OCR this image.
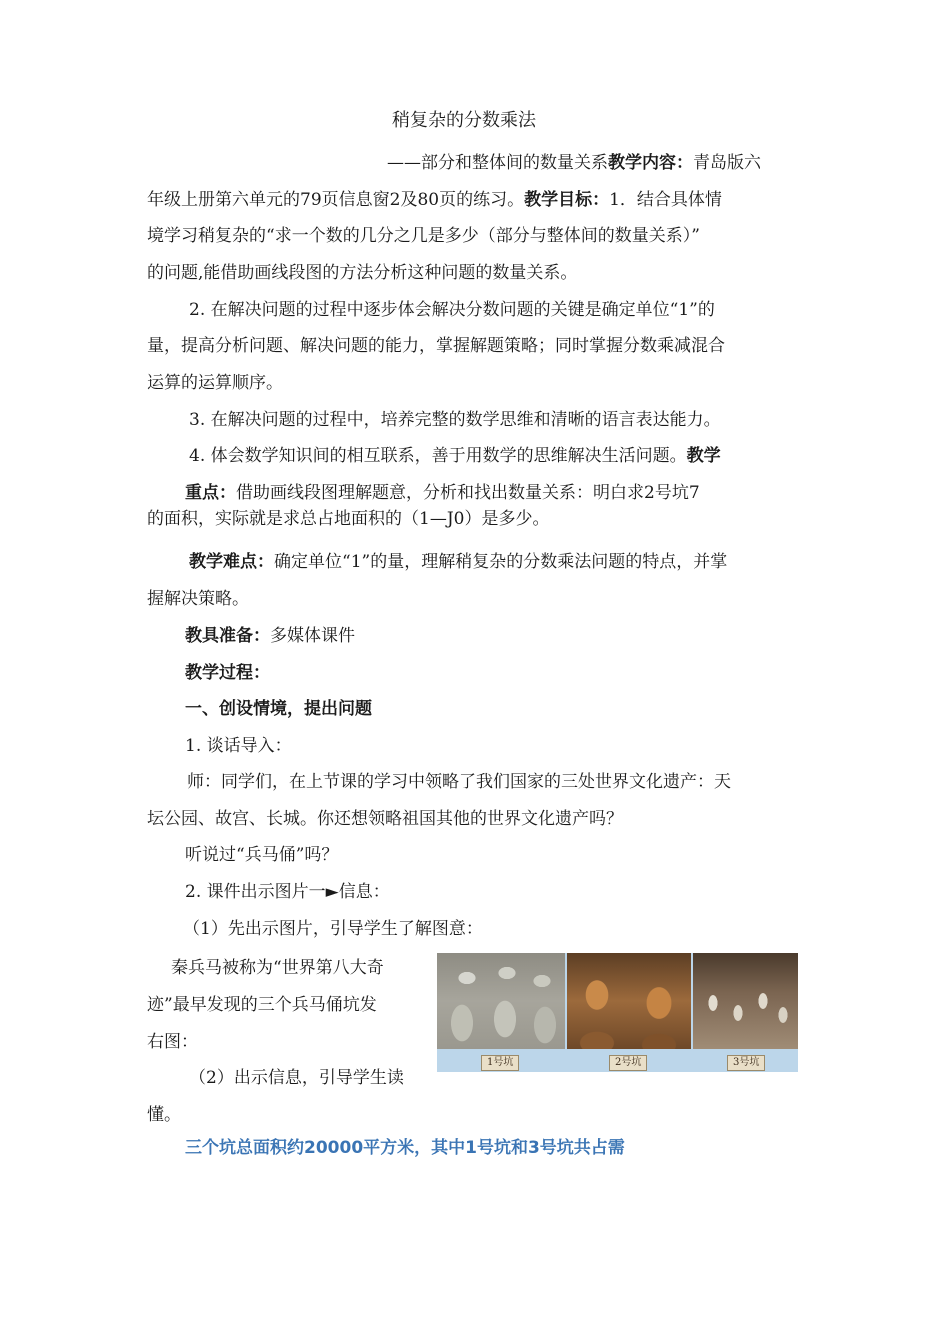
稍复杂的分数乘法
——部分和整体间的数量关系教学内容：青岛版六
年级上册第六单元的79页信息窗2及80页的练习。教学目标：1．结合具体情
境学习稍复杂的“求一个数的几分之几是多少（部分与整体间的数量关系）”
的问题,能借助画线段图的方法分析这种问题的数量关系。
2. 在解决问题的过程中逐步体会解决分数问题的关键是确定单位“1”的
量，提高分析问题、解决问题的能力，掌握解题策略；同时掌握分数乘减混合
运算的运算顺序。
3. 在解决问题的过程中，培养完整的数学思维和清晰的语言表达能力。
4. 体会数学知识间的相互联系，善于用数学的思维解决生活问题。教学
重点：借助画线段图理解题意，分析和找出数量关系：明白求2号坑7
的面积，实际就是求总占地面积的（1—J0）是多少。
教学难点：确定单位“1”的量，理解稍复杂的分数乘法问题的特点，并掌
握解决策略。
教具准备：多媒体课件
教学过程：
一、创设情境，提出问题
1. 谈话导入：
师：同学们，在上节课的学习中领略了我们国家的三处世界文化遗产：天
坛公园、故宫、长城。你还想领略祖国其他的世界文化遗产吗？
听说过“兵马俑”吗？
2. 课件出示图片一►信息：
（1）先出示图片，引导学生了解图意：
秦兵马被称为“世界第八大奇
迹”最早发现的三个兵马俑坑发
右图：
（2）出示信息，引导学生读
懂。
三个坑总面积约20000平方米，其中1号坑和3号坑共占需
1号坑	2号坑	3号坑
